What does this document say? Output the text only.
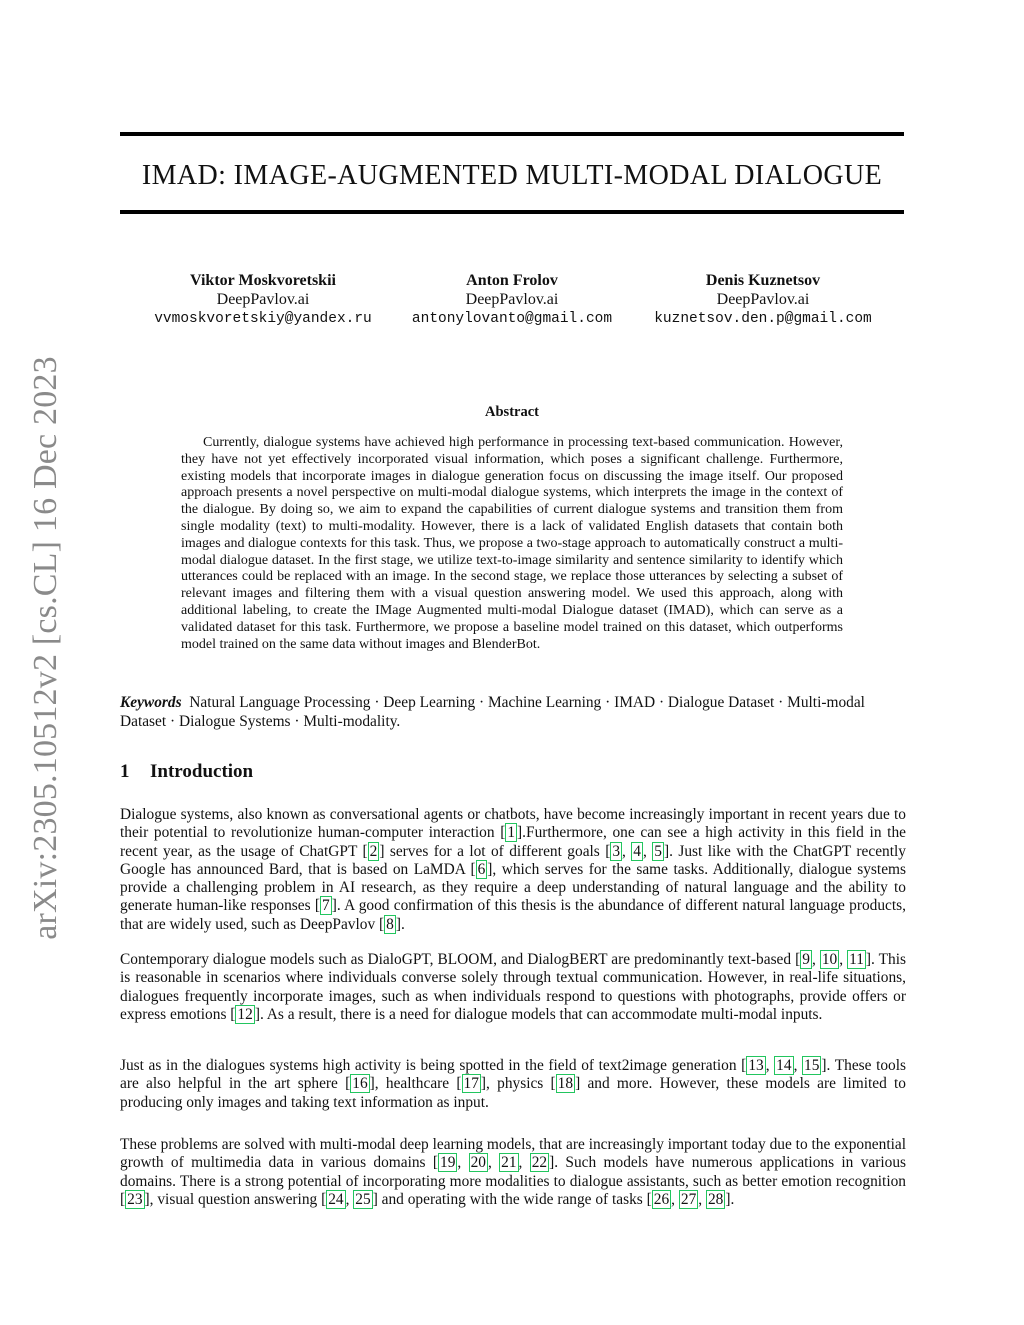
arXiv:2305.10512v2 [cs.CL] 16 Dec 2023
IMAD: IMAGE-AUGMENTED MULTI-MODAL DIALOGUE
Viktor Moskvoretskii
DeepPavlov.ai
vvmoskvoretskiy@yandex.ru
Anton Frolov
DeepPavlov.ai
antonylovanto@gmail.com
Denis Kuznetsov
DeepPavlov.ai
kuznetsov.den.p@gmail.com
Abstract

Currently, dialogue systems have achieved high performance in processing text-based communication. However, they have not yet effectively incorporated visual information, which poses a significant challenge. Furthermore, existing models that incorporate images in dialogue generation focus on discussing the image itself. Our proposed approach presents a novel perspective on multi-modal dialogue systems, which interprets the image in the context of the dialogue. By doing so, we aim to expand the capabilities of current dialogue systems and transition them from single modality (text) to multi-modality. However, there is a lack of validated English datasets that contain both images and dialogue contexts for this task. Thus, we propose a two-stage approach to automatically construct a multi-modal dialogue dataset. In the first stage, we utilize text-to-image similarity and sentence similarity to identify which utterances could be replaced with an image. In the second stage, we replace those utterances by selecting a subset of relevant images and filtering them with a visual question answering model. We used this approach, along with additional labeling, to create the IMage Augmented multi-modal Dialogue dataset (IMAD), which can serve as a validated dataset for this task. Furthermore, we propose a baseline model trained on this dataset, which outperforms model trained on the same data without images and BlenderBot.

Keywords Natural Language Processing · Deep Learning · Machine Learning · IMAD · Dialogue Dataset · Multi-modal Dataset · Dialogue Systems · Multi-modality.

1 Introduction

Dialogue systems, also known as conversational agents or chatbots, have become increasingly important in recent years due to their potential to revolutionize human-computer interaction [ 1 ].Furthermore, one can see a high activity in this field in the recent year, as the usage of ChatGPT [ 2 ] serves for a lot of different goals [ 3 , 4 , 5 ]. Just like with the ChatGPT recently Google has announced Bard, that is based on LaMDA [ 6 ], which serves for the same tasks. Additionally, dialogue systems provide a challenging problem in AI research, as they require a deep understanding of natural language and the ability to generate human-like responses [ 7 ]. A good confirmation of this thesis is the abundance of different natural language products, that are widely used, such as DeepPavlov [ 8 ].

Contemporary dialogue models such as DialoGPT, BLOOM, and DialogBERT are predominantly text-based [ 9 , 10 , 11 ]. This is reasonable in scenarios where individuals converse solely through textual communication. However, in real-life situations, dialogues frequently incorporate images, such as when individuals respond to questions with photographs, provide offers or express emotions [ 12 ]. As a result, there is a need for dialogue models that can accommodate multi-modal inputs.

Just as in the dialogues systems high activity is being spotted in the field of text2image generation [ 13 , 14 , 15 ]. These tools are also helpful in the art sphere [ 16 ], healthcare [ 17 ], physics [ 18 ] and more. However, these models are limited to producing only images and taking text information as input.

These problems are solved with multi-modal deep learning models, that are increasingly important today due to the exponential growth of multimedia data in various domains [ 19 , 20 , 21 , 22 ]. Such models have numerous applications in various domains. There is a strong potential of incorporating more modalities to dialogue assistants, such as better emotion recognition [ 23 ], visual question answering [ 24 , 25 ] and operating with the wide range of tasks [ 26 , 27 , 28 ].
